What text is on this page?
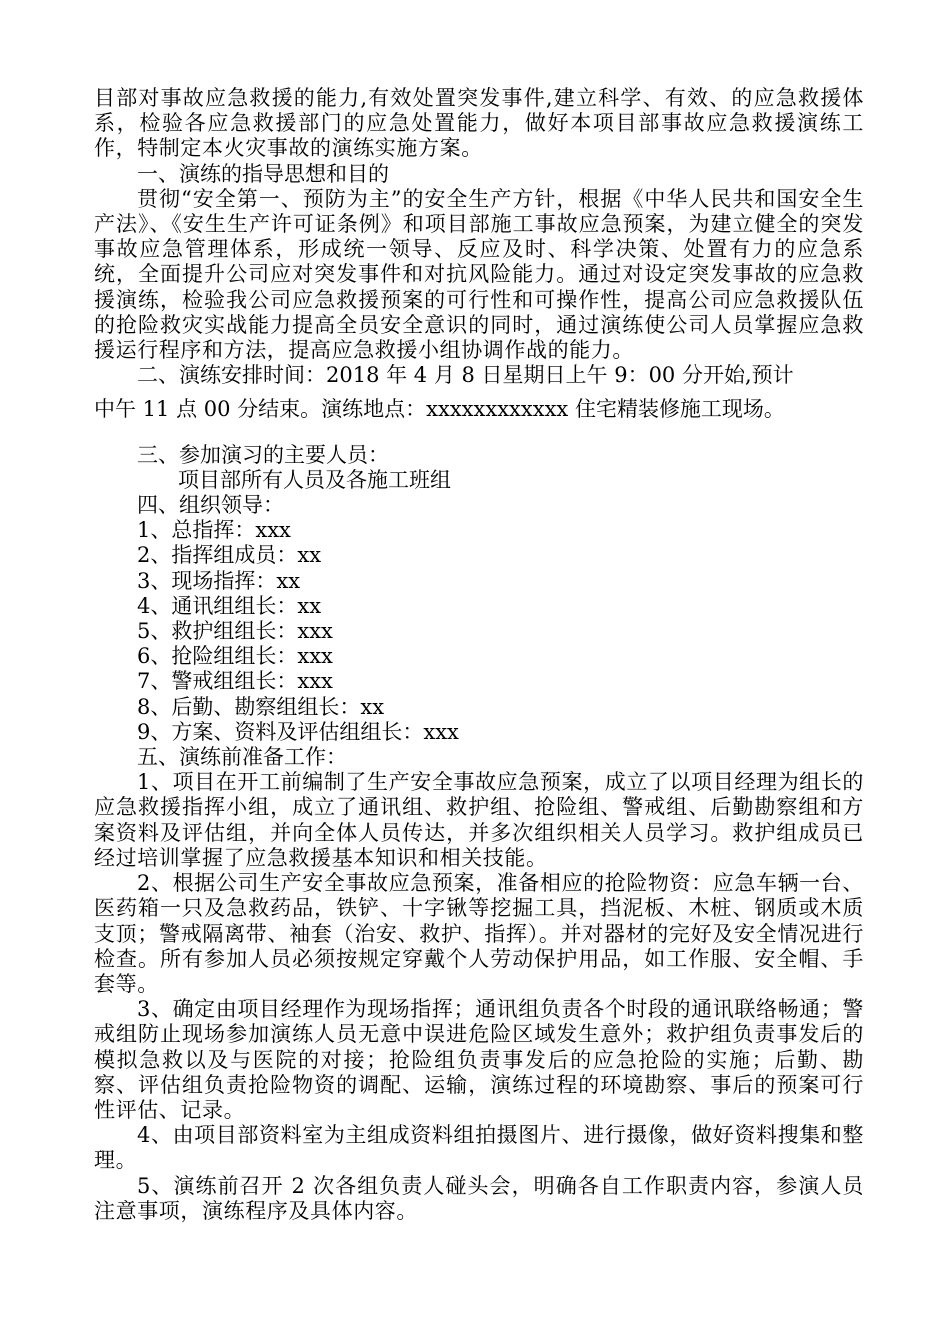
目部对事故应急救援的能力,有效处置突发事件,建立科学、有效、的应急救援体系，检验各应急救援部门的应急处置能力，做好本项目部事故应急救援演练工作，特制定本火灾事故的演练实施方案。

一、演练的指导思想和目的

贯彻“安全第一、预防为主”的安全生产方针，根据《中华人民共和国安全生产法》、《安生生产许可证条例》和项目部施工事故应急预案，为建立健全的突发事故应急管理体系，形成统一领导、反应及时、科学决策、处置有力的应急系统，全面提升公司应对突发事件和对抗风险能力。通过对设定突发事故的应急救援演练，检验我公司应急救援预案的可行性和可操作性，提高公司应急救援队伍的抢险救灾实战能力提高全员安全意识的同时，通过演练使公司人员掌握应急救援运行程序和方法，提高应急救援小组协调作战的能力。

二、演练安排时间：2018 年 4 月 8 日星期日上午 9：00 分开始,预计

中午 11 点 00 分结束。演练地点：xxxxxxxxxxxx 住宅精装修施工现场。

三、参加演习的主要人员：

项目部所有人员及各施工班组

四、组织领导：

1、总指挥：xxx

2、指挥组成员：xx

3、现场指挥：xx

4、通讯组组长：xx

5、救护组组长：xxx

6、抢险组组长：xxx

7、警戒组组长：xxx

8、后勤、勘察组组长：xx

9、方案、资料及评估组组长：xxx

五、演练前准备工作：

1、项目在开工前编制了生产安全事故应急预案，成立了以项目经理为组长的应急救援指挥小组，成立了通讯组、救护组、抢险组、警戒组、后勤勘察组和方案资料及评估组，并向全体人员传达，并多次组织相关人员学习。救护组成员已经过培训掌握了应急救援基本知识和相关技能。

2、根据公司生产安全事故应急预案，准备相应的抢险物资：应急车辆一台、医药箱一只及急救药品，铁铲、十字锹等挖掘工具，挡泥板、木桩、钢质或木质支顶；警戒隔离带、袖套（治安、救护、指挥）。并对器材的完好及安全情况进行检查。所有参加人员必须按规定穿戴个人劳动保护用品，如工作服、安全帽、手套等。

3、确定由项目经理作为现场指挥；通讯组负责各个时段的通讯联络畅通；警戒组防止现场参加演练人员无意中误进危险区域发生意外；救护组负责事发后的模拟急救以及与医院的对接；抢险组负责事发后的应急抢险的实施；后勤、勘察、评估组负责抢险物资的调配、运输，演练过程的环境勘察、事后的预案可行性评估、记录。

4、由项目部资料室为主组成资料组拍摄图片、进行摄像，做好资料搜集和整理。

5、演练前召开 2 次各组负责人碰头会，明确各自工作职责内容，参演人员注意事项，演练程序及具体内容。
